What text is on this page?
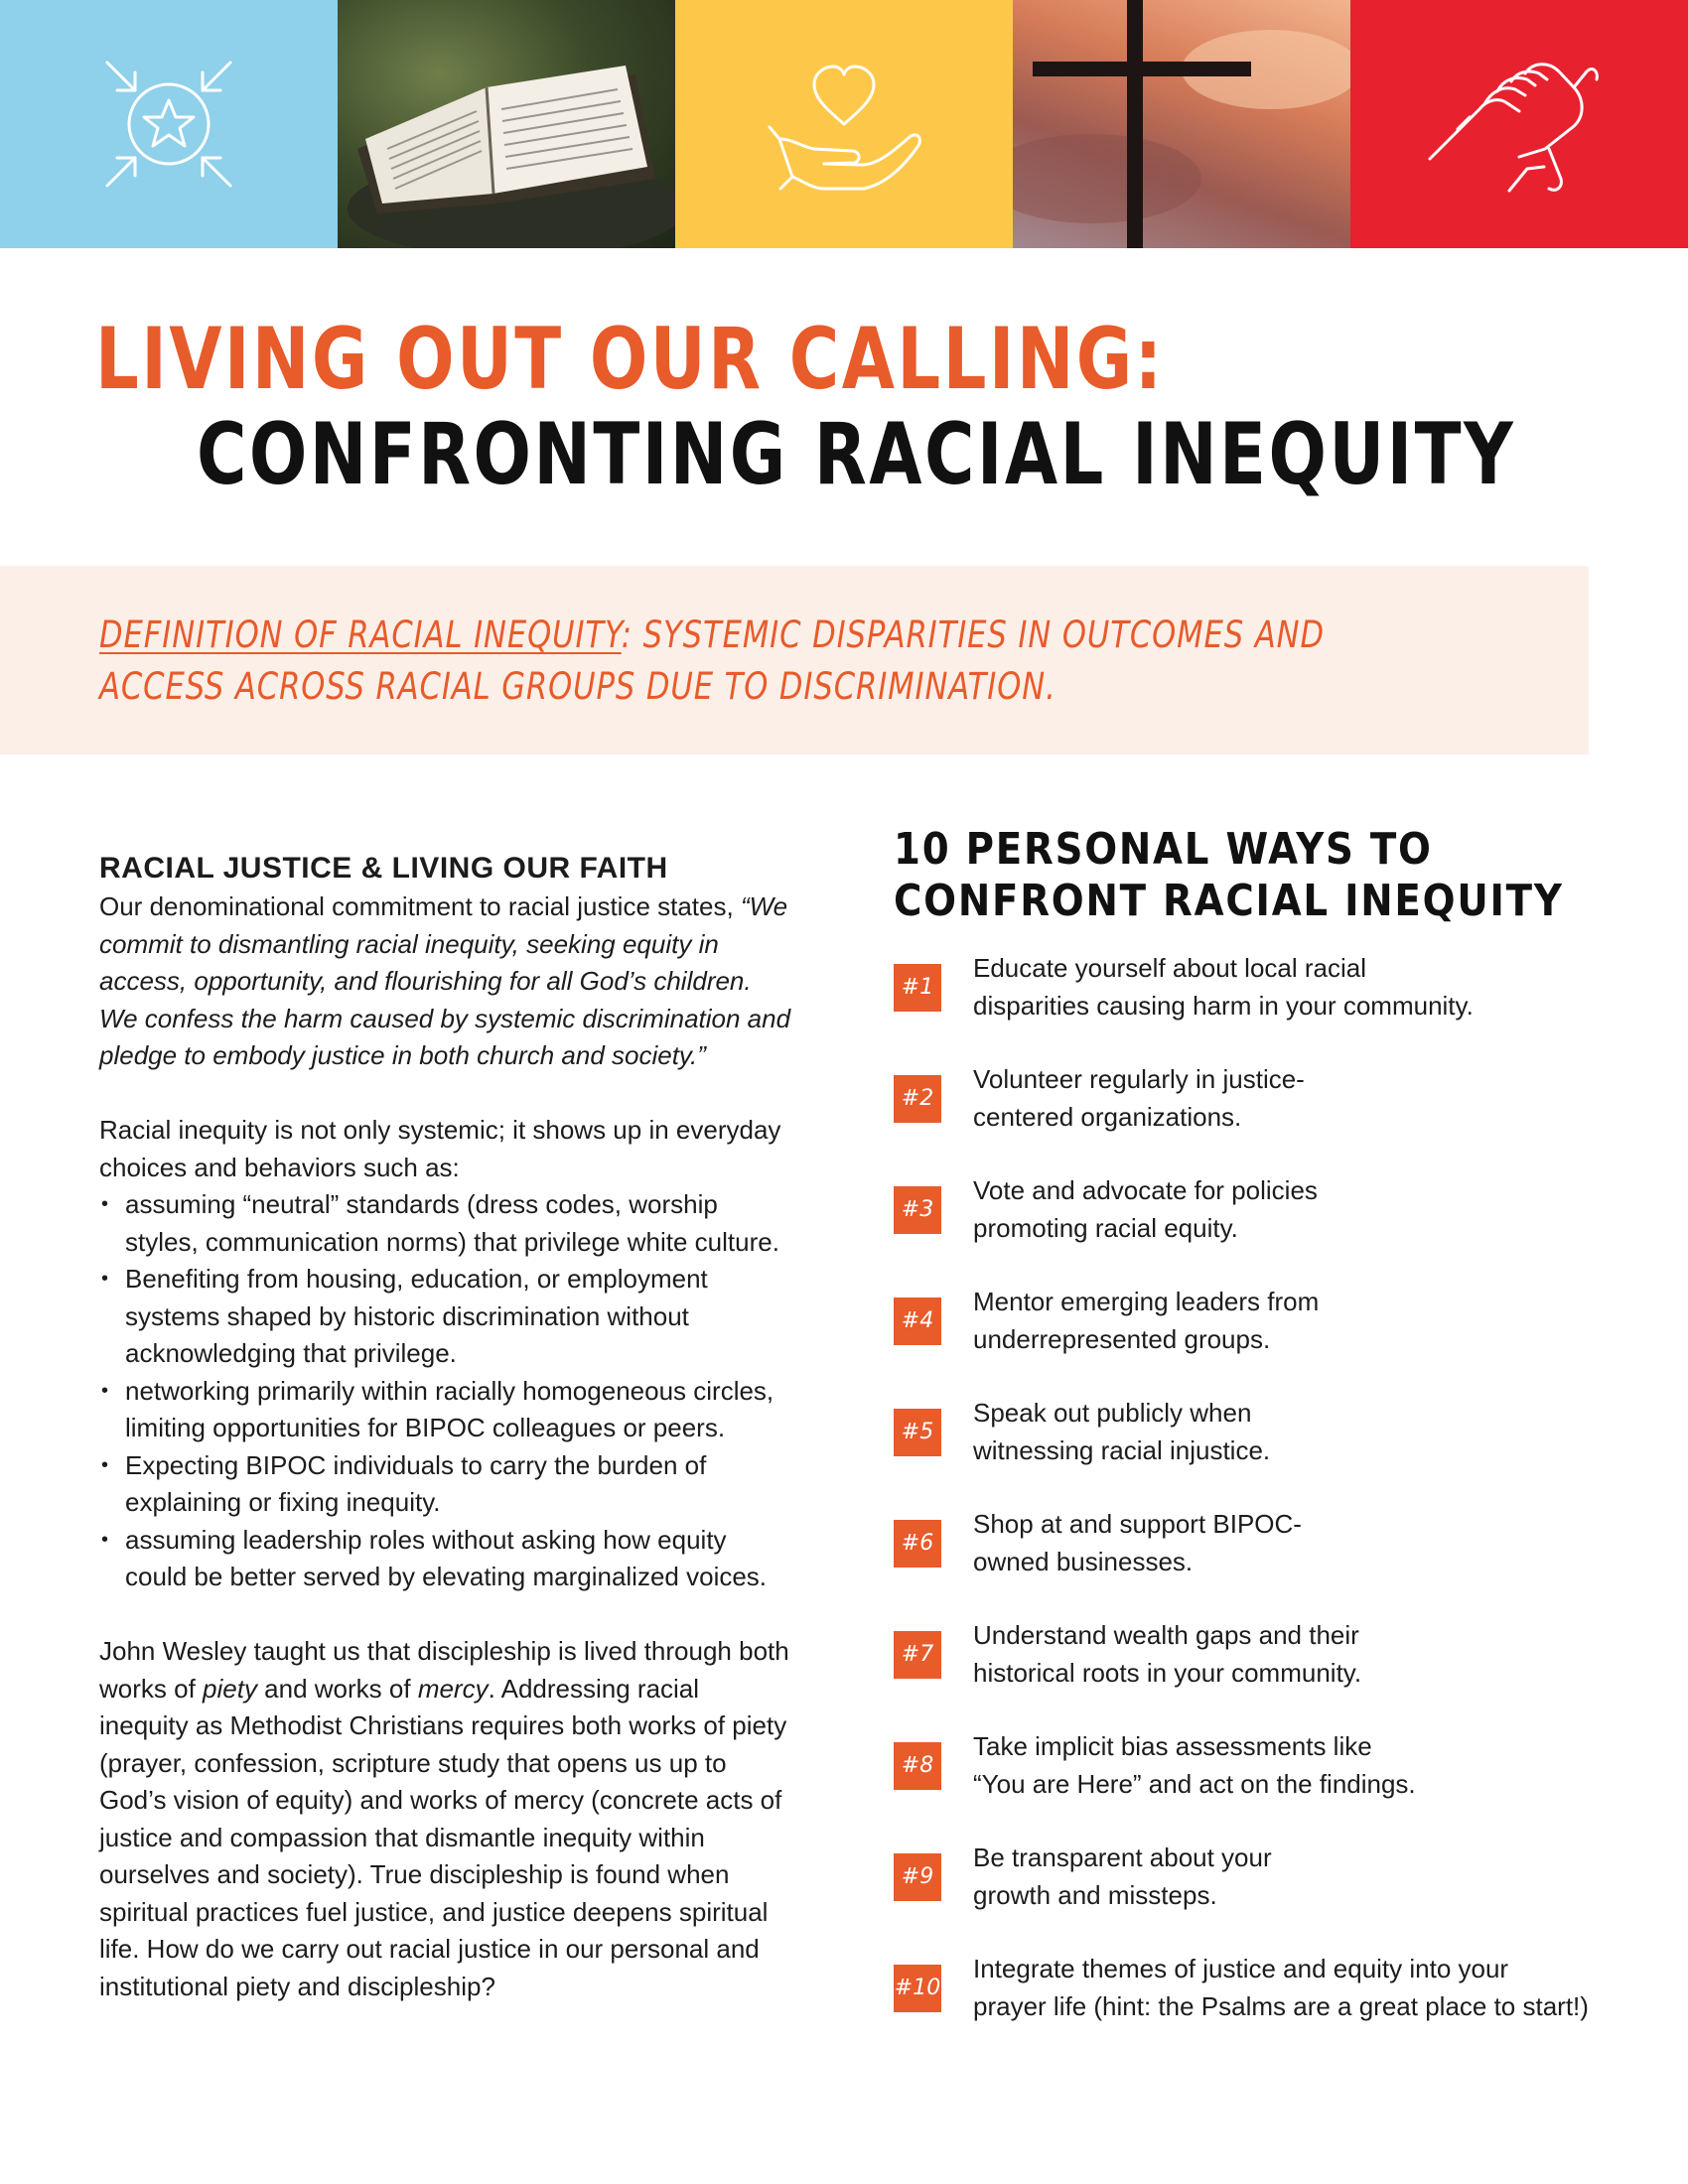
LIVING OUT OUR CALLING:
CONFRONTING RACIAL INEQUITY

DEFINITION OF RACIAL INEQUITY: SYSTEMIC DISPARITIES IN OUTCOMES AND ACCESS ACROSS RACIAL GROUPS DUE TO DISCRIMINATION.

RACIAL JUSTICE & LIVING OUR FAITH

Our denominational commitment to racial justice states, “We commit to dismantling racial inequity, seeking equity in access, opportunity, and flourishing for all God’s children. We confess the harm caused by systemic discrimination and pledge to embody justice in both church and society.”

Racial inequity is not only systemic; it shows up in everyday choices and behaviors such as:

• assuming “neutral” standards (dress codes, worship styles, communication norms) that privilege white culture.
• Benefiting from housing, education, or employment systems shaped by historic discrimination without acknowledging that privilege.
• networking primarily within racially homogeneous circles, limiting opportunities for BIPOC colleagues or peers.
• Expecting BIPOC individuals to carry the burden of explaining or fixing inequity.
• assuming leadership roles without asking how equity could be better served by elevating marginalized voices.

John Wesley taught us that discipleship is lived through both works of piety and works of mercy. Addressing racial inequity as Methodist Christians requires both works of piety (prayer, confession, scripture study that opens us up to God’s vision of equity) and works of mercy (concrete acts of justice and compassion that dismantle inequity within ourselves and society). True discipleship is found when spiritual practices fuel justice, and justice deepens spiritual life. How do we carry out racial justice in our personal and institutional piety and discipleship?

10 PERSONAL WAYS TO
CONFRONT RACIAL INEQUITY
#1
Educate yourself about local racial
disparities causing harm in your community.
#2
Volunteer regularly in justice-
centered organizations.
#3
Vote and advocate for policies
promoting racial equity.
#4
Mentor emerging leaders from
underrepresented groups.
#5
Speak out publicly when
witnessing racial injustice.
#6
Shop at and support BIPOC-
owned businesses.
#7
Understand wealth gaps and their
historical roots in your community.
#8
Take implicit bias assessments like
“You are Here” and act on the findings.
#9
Be transparent about your
growth and missteps.
#10
Integrate themes of justice and equity into your
prayer life (hint: the Psalms are a great place to start!)
